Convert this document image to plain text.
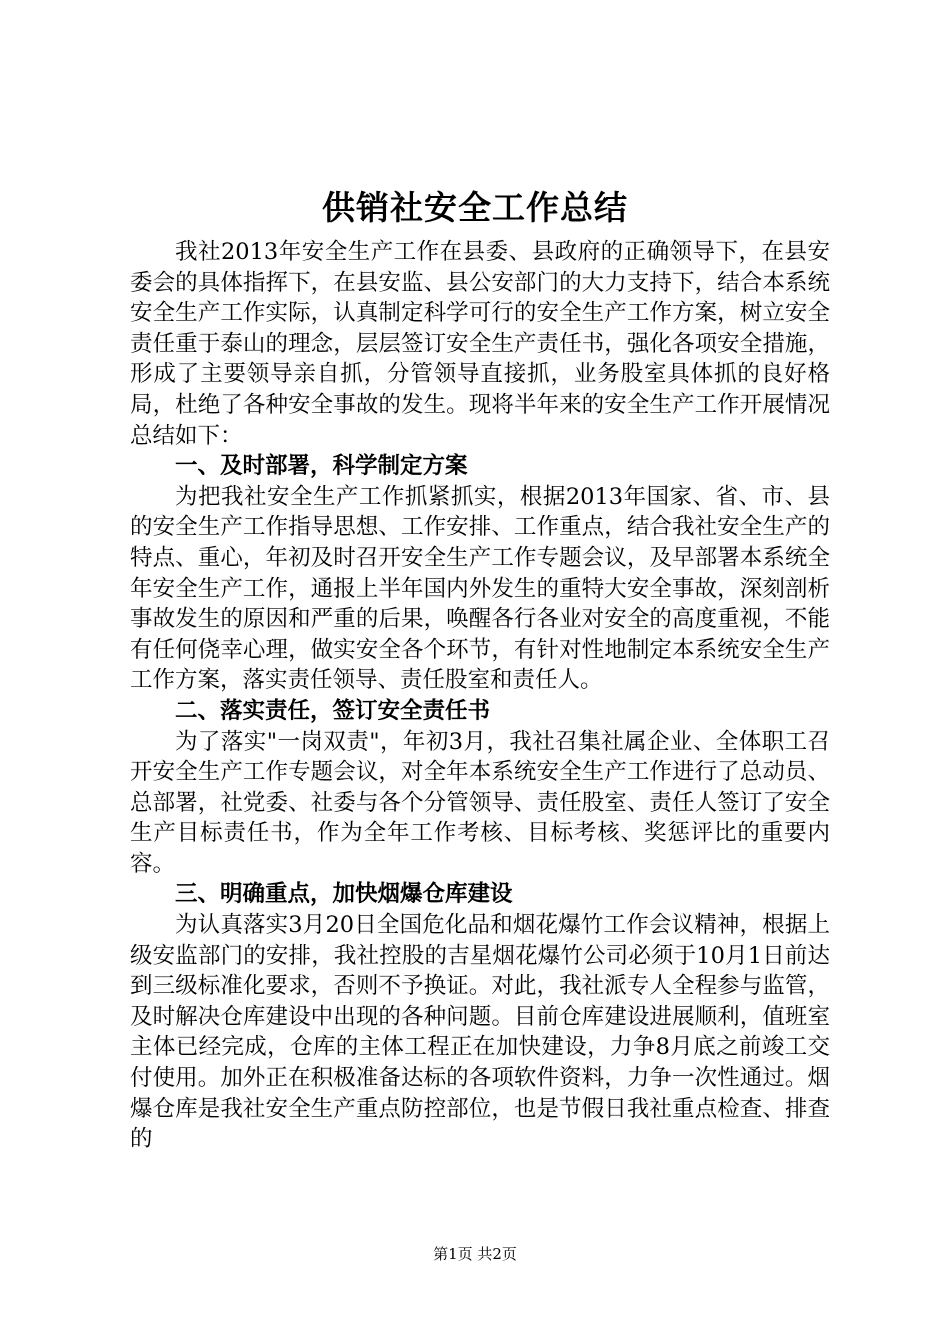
供销社安全工作总结

我社2013年安全生产工作在县委、县政府的正确领导下，在县安委会的具体指挥下，在县安监、县公安部门的大力支持下，结合本系统安全生产工作实际，认真制定科学可行的安全生产工作方案，树立安全责任重于泰山的理念，层层签订安全生产责任书，强化各项安全措施，形成了主要领导亲自抓，分管领导直接抓，业务股室具体抓的良好格局，杜绝了各种安全事故的发生。现将半年来的安全生产工作开展情况总结如下：

一、及时部署，科学制定方案

为把我社安全生产工作抓紧抓实，根据2013年国家、省、市、县的安全生产工作指导思想、工作安排、工作重点，结合我社安全生产的特点、重心，年初及时召开安全生产工作专题会议，及早部署本系统全年安全生产工作，通报上半年国内外发生的重特大安全事故，深刻剖析事故发生的原因和严重的后果，唤醒各行各业对安全的高度重视，不能有任何侥幸心理，做实安全各个环节，有针对性地制定本系统安全生产工作方案，落实责任领导、责任股室和责任人。

二、落实责任，签订安全责任书

为了落实"一岗双责"，年初3月，我社召集社属企业、全体职工召开安全生产工作专题会议，对全年本系统安全生产工作进行了总动员、总部署，社党委、社委与各个分管领导、责任股室、责任人签订了安全生产目标责任书，作为全年工作考核、目标考核、奖惩评比的重要内容。

三、明确重点，加快烟爆仓库建设

为认真落实3月20日全国危化品和烟花爆竹工作会议精神，根据上级安监部门的安排，我社控股的吉星烟花爆竹公司必须于10月1日前达到三级标准化要求，否则不予换证。对此，我社派专人全程参与监管，及时解决仓库建设中出现的各种问题。目前仓库建设进展顺利，值班室主体已经完成，仓库的主体工程正在加快建设，力争8月底之前竣工交付使用。加外正在积极准备达标的各项软件资料，力争一次性通过。烟爆仓库是我社安全生产重点防控部位，也是节假日我社重点检查、排查的

第1页 共2页
